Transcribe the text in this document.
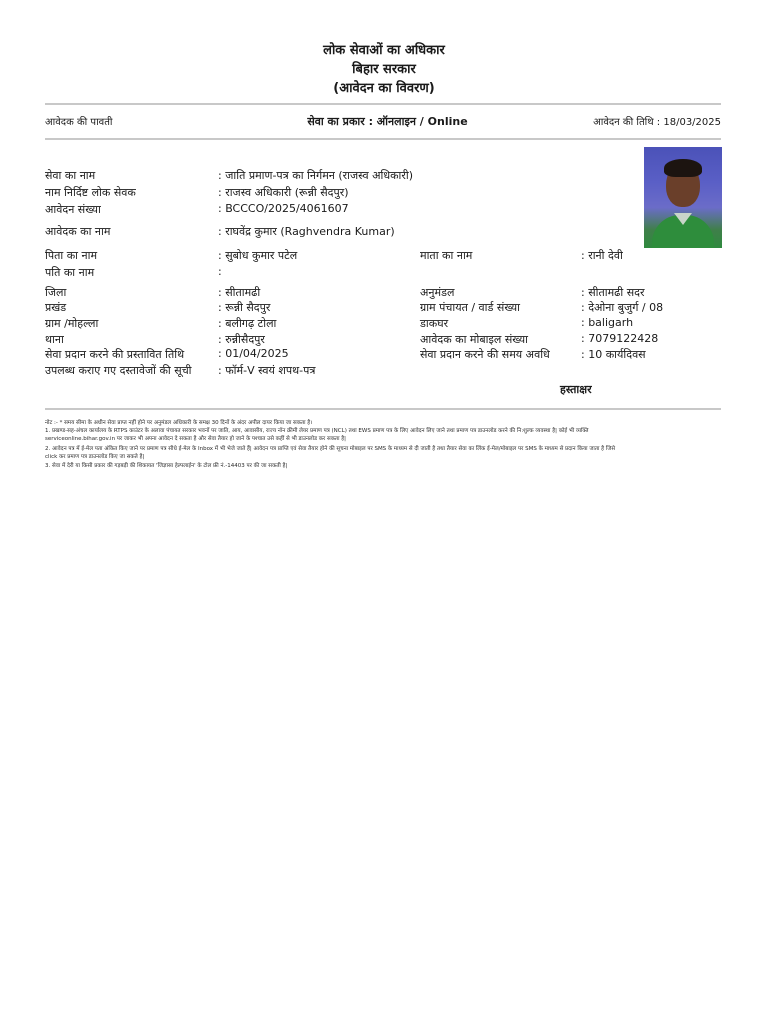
लोक सेवाओं का अधिकार
बिहार सरकार
(आवेदन का विवरण)
आवेदक की पावती	सेवा का प्रकार : ऑनलाइन / Online	आवेदन की तिथि : 18/03/2025
सेवा का नाम	: जाति प्रमाण-पत्र का निर्गमन (राजस्व अधिकारी)
नाम निर्दिष्ट लोक सेवक	: राजस्व अधिकारी (रून्नी सैदपुर)
आवेदन संख्या	: BCCCO/2025/4061607
आवेदक का नाम	: राघवेंद्र कुमार (Raghvendra Kumar)
पिता का नाम	: सुबोध कुमार पटेल	माता का नाम	: रानी देवी
पति का नाम	:
जिला	: सीतामढी	अनुमंडल	: सीतामढी सदर
प्रखंड	: रून्नी सैदपुर	ग्राम पंचायत / वार्ड संख्या	: देओना बुजुर्ग / 08
ग्राम /मोहल्ला	: बलीगढ़ टोला	डाकघर	: baligarh
थाना	: रुन्नीसैदपुर	आवेदक का मोबाइल संख्या	: 7079122428
सेवा प्रदान करने की प्रस्तावित तिथि	: 01/04/2025	सेवा प्रदान करने की समय अवधि	: 10 कार्यदिवस
उपलब्ध कराए गए दस्तावेजों की सूची : फॉर्म-V स्वयं शपथ-पत्र
हस्ताक्षर
नोट :- * समय सीमा के अधीन सेवा प्राप्त नहीं होने पर अनुमंडल अधिकारी के समक्ष 30 दिनों के अंदर अपील दायर किया जा सकता है।
1. प्रखण्ड-सह-अंचल कार्यालय के RTPS काउंटर के अलावा पंचायत सरकार भवनों पर जाति, आय, आवासीय, राज्य नॉन क्रीमी लेयर प्रमाण पत्र (NCL) तथा EWS प्रमाण पत्र के लिए आवेदन लिए जाने तथा प्रमाण पत्र डाउनलोड करने की नि:शुल्क व्यवस्था है| कोई भी व्यक्ति
serviceonline.bihar.gov.in पर जाकर भी अपना आवेदन दे सकता है और सेवा तैयार हो जाने के पश्चात उसे कहीं से भी डाउनलोड कर सकता है|
2. आवेदन पत्र में ई-मेल पता अंकित किए जाने पर प्रमाण पत्र सीधे ई-मेल के Inbox में भी भेजे जाते हैं| आवेदन पत्र प्राप्ति एवं सेवा तैयार होने की सूचना मोबाइल पर SMS के माध्यम से दी जाती है तथा तैयार सेवा का लिंक ई-मेल/मोबाइल पर SMS के माध्यम से प्रदान किया जाता है जिसे
click कर प्रमाण पत्र डाउनलोड किए जा सकते है|
3. सेवा में देरी या किसी प्रकार की गड़बड़ी की शिकायत 'जिज्ञासा हेल्पलाईन' के टोल फ्री नं.-14403 पर की जा सकती है|
